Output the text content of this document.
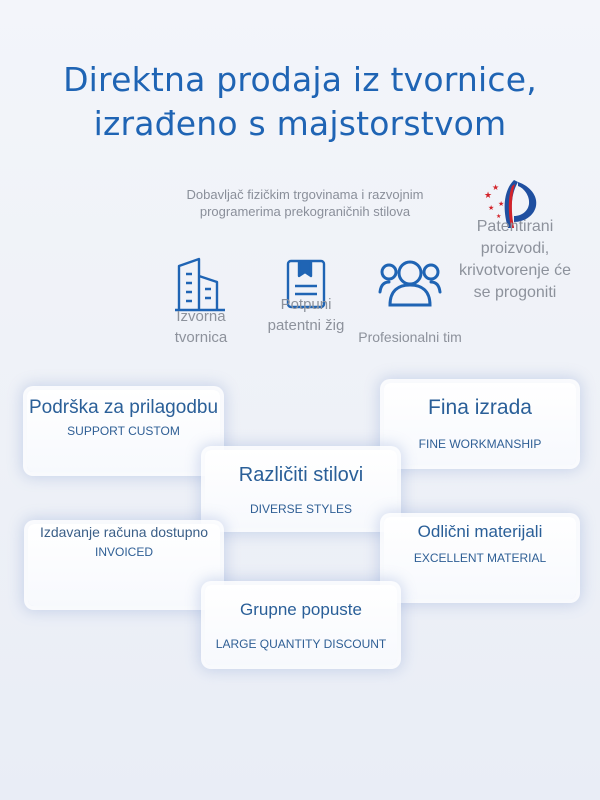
Direktna prodaja iz tvornice,
izrađeno s majstorstvom
Dobavljač fizičkim trgovinama i razvojnim programerima prekograničnih stilova
Izvorna tvornica
Potpuni patentni žig
Profesionalni tim
★
★
★ ★
★
Patentirani proizvodi, krivotvorenje će se progoniti
Podrška za prilagodbu
SUPPORT CUSTOM
Fina izrada
FINE WORKMANSHIP
Različiti stilovi
DIVERSE STYLES
Izdavanje računa dostupno
INVOICED
Odlični materijali
EXCELLENT MATERIAL
Grupne popuste
LARGE QUANTITY DISCOUNT
